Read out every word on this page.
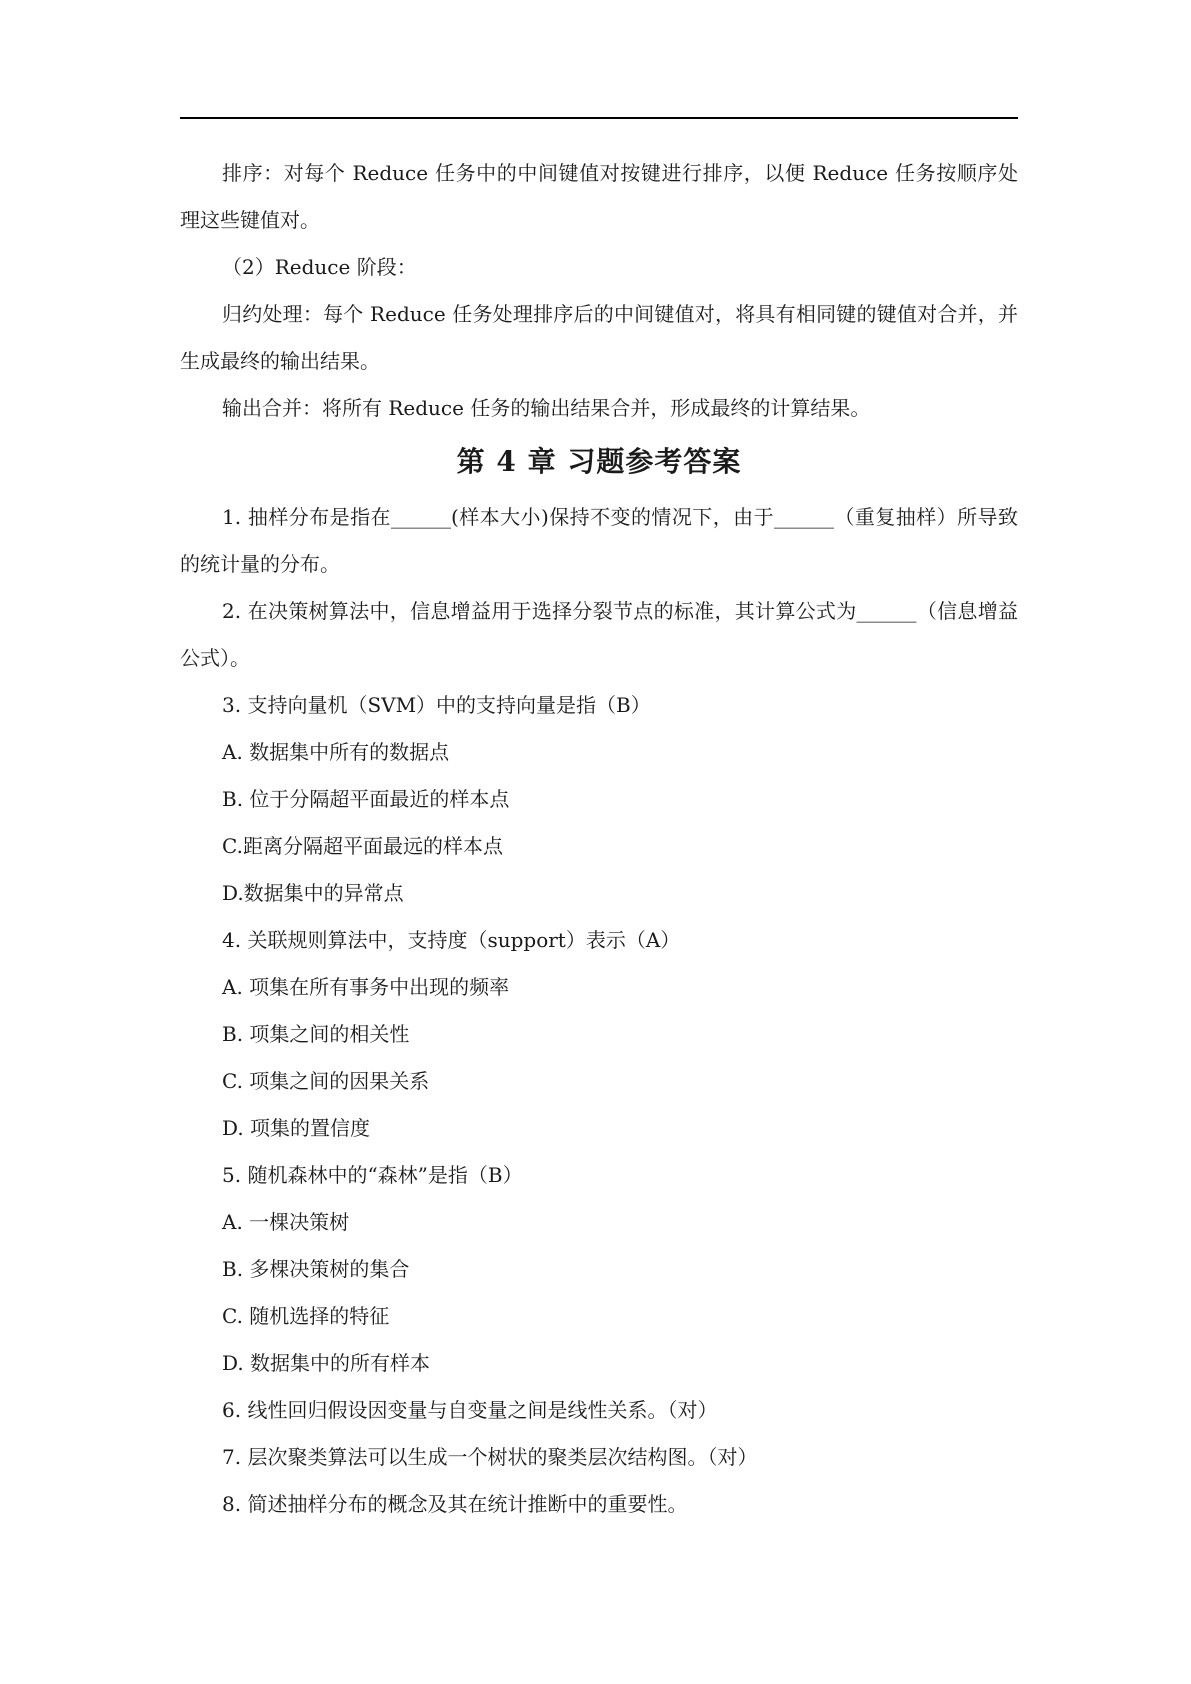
排序：对每个 Reduce 任务中的中间键值对按键进行排序，以便 Reduce 任务按顺序处理这些键值对。

（2）Reduce 阶段：

归约处理：每个 Reduce 任务处理排序后的中间键值对，将具有相同键的键值对合并，并生成最终的输出结果。

输出合并：将所有 Reduce 任务的输出结果合并，形成最终的计算结果。

第 4 章 习题参考答案

1. 抽样分布是指在______(样本大小)保持不变的情况下，由于______（重复抽样）所导致的统计量的分布。

2. 在决策树算法中，信息增益用于选择分裂节点的标准，其计算公式为______（信息增益公式）。

3. 支持向量机（SVM）中的支持向量是指（B）

A. 数据集中所有的数据点

B. 位于分隔超平面最近的样本点

C.距离分隔超平面最远的样本点

D.数据集中的异常点

4. 关联规则算法中，支持度（support）表示（A）

A. 项集在所有事务中出现的频率

B. 项集之间的相关性

C. 项集之间的因果关系

D. 项集的置信度

5. 随机森林中的“森林”是指（B）

A. 一棵决策树

B. 多棵决策树的集合

C. 随机选择的特征

D. 数据集中的所有样本

6. 线性回归假设因变量与自变量之间是线性关系。（对）

7. 层次聚类算法可以生成一个树状的聚类层次结构图。（对）

8. 简述抽样分布的概念及其在统计推断中的重要性。
